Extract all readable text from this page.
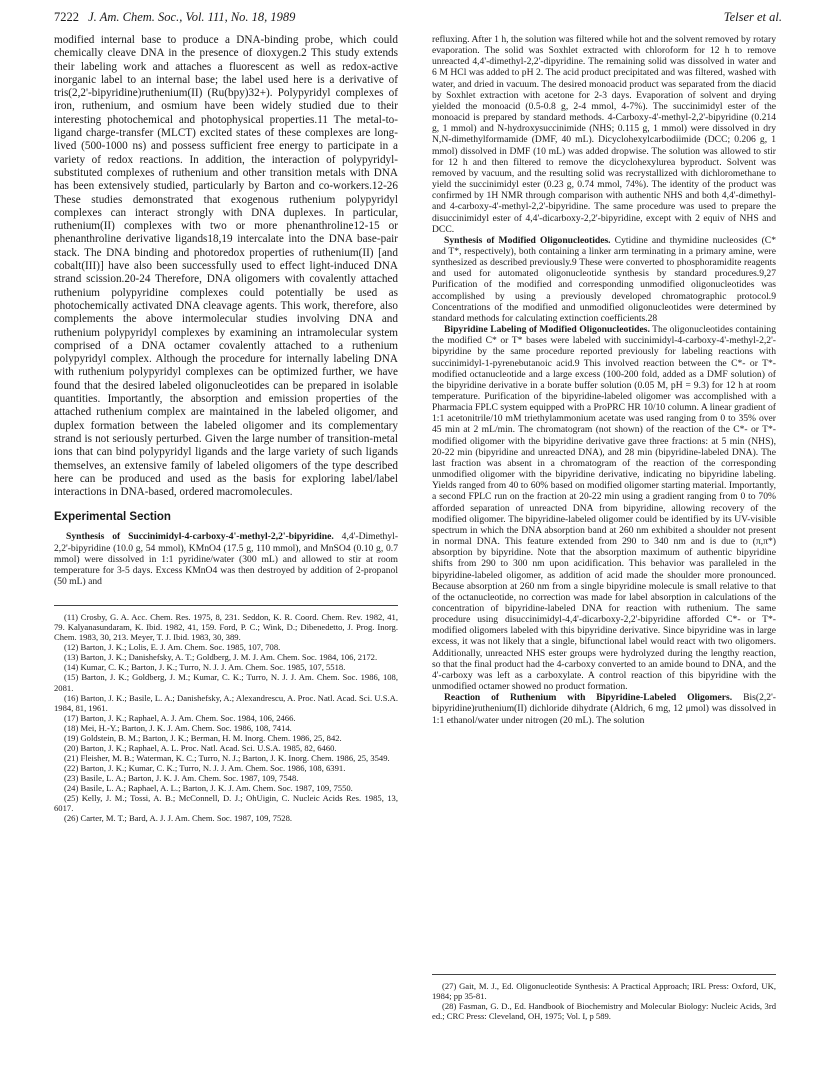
7222 J. Am. Chem. Soc., Vol. 111, No. 18, 1989	Telser et al.

modified internal base to produce a DNA-binding probe, which could chemically cleave DNA in the presence of dioxygen.2 This study extends their labeling work and attaches a fluorescent as well as redox-active inorganic label to an internal base; the label used here is a derivative of tris(2,2'-bipyridine)ruthenium(II) (Ru(bpy)32+). Polypyridyl complexes of iron, ruthenium, and osmium have been widely studied due to their interesting photochemical and photophysical properties.11 The metal-to-ligand charge-transfer (MLCT) excited states of these complexes are long-lived (500-1000 ns) and possess sufficient free energy to participate in a variety of redox reactions. In addition, the interaction of polypyridyl-substituted complexes of ruthenium and other transition metals with DNA has been extensively studied, particularly by Barton and co-workers.12-26 These studies demonstrated that exogenous ruthenium polypyridyl complexes can interact strongly with DNA duplexes. In particular, ruthenium(II) complexes with two or more phenanthroline12-15 or phenanthroline derivative ligands18,19 intercalate into the DNA base-pair stack. The DNA binding and photoredox properties of ruthenium(II) [and cobalt(III)] have also been successfully used to effect light-induced DNA strand scission.20-24 Therefore, DNA oligomers with covalently attached ruthenium polypyridine complexes could potentially be used as photochemically activated DNA cleavage agents. This work, therefore, also complements the above intermolecular studies involving DNA and ruthenium polypyridyl complexes by examining an intramolecular system comprised of a DNA octamer covalently attached to a ruthenium polypyridyl complex. Although the procedure for internally labeling DNA with ruthenium polypyridyl complexes can be optimized further, we have found that the desired labeled oligonucleotides can be prepared in isolable quantities. Importantly, the absorption and emission properties of the attached ruthenium complex are maintained in the labeled oligomer, and duplex formation between the labeled oligomer and its complementary strand is not seriously perturbed. Given the large number of transition-metal ions that can bind polypyridyl ligands and the large variety of such ligands themselves, an extensive family of labeled oligomers of the type described here can be produced and used as the basis for exploring label/label interactions in DNA-based, ordered macromolecules.

Experimental Section

Synthesis of Succinimidyl-4-carboxy-4'-methyl-2,2'-bipyridine. 4,4'-Dimethyl-2,2'-bipyridine (10.0 g, 54 mmol), KMnO4 (17.5 g, 110 mmol), and MnSO4 (0.10 g, 0.7 mmol) were dissolved in 1:1 pyridine/water (300 mL) and allowed to stir at room temperature for 3-5 days. Excess KMnO4 was then destroyed by addition of 2-propanol (50 mL) and

(11) Crosby, G. A. Acc. Chem. Res. 1975, 8, 231. Seddon, K. R. Coord. Chem. Rev. 1982, 41, 79. Kalyanasundaram, K. Ibid. 1982, 41, 159. Ford, P. C.; Wink, D.; Dibenedetto, J. Prog. Inorg. Chem. 1983, 30, 213. Meyer, T. J. Ibid. 1983, 30, 389.

(12) Barton, J. K.; Lolis, E. J. Am. Chem. Soc. 1985, 107, 708.

(13) Barton, J. K.; Danishefsky, A. T.; Goldberg, J. M. J. Am. Chem. Soc. 1984, 106, 2172.

(14) Kumar, C. K.; Barton, J. K.; Turro, N. J. J. Am. Chem. Soc. 1985, 107, 5518.

(15) Barton, J. K.; Goldberg, J. M.; Kumar, C. K.; Turro, N. J. J. Am. Chem. Soc. 1986, 108, 2081.

(16) Barton, J. K.; Basile, L. A.; Danishefsky, A.; Alexandrescu, A. Proc. Natl. Acad. Sci. U.S.A. 1984, 81, 1961.

(17) Barton, J. K.; Raphael, A. J. Am. Chem. Soc. 1984, 106, 2466.

(18) Mei, H.-Y.; Barton, J. K. J. Am. Chem. Soc. 1986, 108, 7414.

(19) Goldstein, B. M.; Barton, J. K.; Berman, H. M. Inorg. Chem. 1986, 25, 842.

(20) Barton, J. K.; Raphael, A. L. Proc. Natl. Acad. Sci. U.S.A. 1985, 82, 6460.

(21) Fleisher, M. B.; Waterman, K. C.; Turro, N. J.; Barton, J. K. Inorg. Chem. 1986, 25, 3549.

(22) Barton, J. K.; Kumar, C. K.; Turro, N. J. J. Am. Chem. Soc. 1986, 108, 6391.

(23) Basile, L. A.; Barton, J. K. J. Am. Chem. Soc. 1987, 109, 7548.

(24) Basile, L. A.; Raphael, A. L.; Barton, J. K. J. Am. Chem. Soc. 1987, 109, 7550.

(25) Kelly, J. M.; Tossi, A. B.; McConnell, D. J.; OhUigin, C. Nucleic Acids Res. 1985, 13, 6017.

(26) Carter, M. T.; Bard, A. J. J. Am. Chem. Soc. 1987, 109, 7528.

refluxing. After 1 h, the solution was filtered while hot and the solvent removed by rotary evaporation. The solid was Soxhlet extracted with chloroform for 12 h to remove unreacted 4,4'-dimethyl-2,2'-dipyridine. The remaining solid was dissolved in water and 6 M HCl was added to pH 2. The acid product precipitated and was filtered, washed with water, and dried in vacuum. The desired monoacid product was separated from the diacid by Soxhlet extraction with acetone for 2-3 days. Evaporation of solvent and drying yielded the monoacid (0.5-0.8 g, 2-4 mmol, 4-7%). The succinimidyl ester of the monoacid is prepared by standard methods. 4-Carboxy-4'-methyl-2,2'-bipyridine (0.214 g, 1 mmol) and N-hydroxysuccinimide (NHS; 0.115 g, 1 mmol) were dissolved in dry N,N-dimethylformamide (DMF, 40 mL). Dicyclohexylcarbodiimide (DCC; 0.206 g, 1 mmol) dissolved in DMF (10 mL) was added dropwise. The solution was allowed to stir for 12 h and then filtered to remove the dicyclohexylurea byproduct. Solvent was removed by vacuum, and the resulting solid was recrystallized with dichloromethane to yield the succinimidyl ester (0.23 g, 0.74 mmol, 74%). The identity of the product was confirmed by 1H NMR through comparison with authentic NHS and both 4,4'-dimethyl- and 4-carboxy-4'-methyl-2,2'-bipyridine. The same procedure was used to prepare the disuccinimidyl ester of 4,4'-dicarboxy-2,2'-bipyridine, except with 2 equiv of NHS and DCC.

Synthesis of Modified Oligonucleotides. Cytidine and thymidine nucleosides (C* and T*, respectively), both containing a linker arm terminating in a primary amine, were synthesized as described previously.9 These were converted to phosphoramidite reagents and used for automated oligonucleotide synthesis by standard procedures.9,27 Purification of the modified and corresponding unmodified oligonucleotides was accomplished by using a previously developed chromatographic protocol.9 Concentrations of the modified and unmodified oligonucleotides were determined by standard methods for calculating extinction coefficients.28

Bipyridine Labeling of Modified Oligonucleotides. The oligonucleotides containing the modified C* or T* bases were labeled with succinimidyl-4-carboxy-4'-methyl-2,2'-bipyridine by the same procedure reported previously for labeling reactions with succinimidyl-1-pyrenebutanoic acid.9 This involved reaction between the C*- or T*-modified octanucleotide and a large excess (100-200 fold, added as a DMF solution) of the bipyridine derivative in a borate buffer solution (0.05 M, pH = 9.3) for 12 h at room temperature. Purification of the bipyridine-labeled oligomer was accomplished with a Pharmacia FPLC system equipped with a ProPRC HR 10/10 column. A linear gradient of 1:1 acetonitrile/10 mM triethylammonium acetate was used ranging from 0 to 35% over 45 min at 2 mL/min. The chromatogram (not shown) of the reaction of the C*- or T*-modified oligomer with the bipyridine derivative gave three fractions: at 5 min (NHS), 20-22 min (bipyridine and unreacted DNA), and 28 min (bipyridine-labeled DNA). The last fraction was absent in a chromatogram of the reaction of the corresponding unmodified oligomer with the bipyridine derivative, indicating no bipyridine labeling. Yields ranged from 40 to 60% based on modified oligomer starting material. Importantly, a second FPLC run on the fraction at 20-22 min using a gradient ranging from 0 to 70% afforded separation of unreacted DNA from bipyridine, allowing recovery of the modified oligomer. The bipyridine-labeled oligomer could be identified by its UV-visible spectrum in which the DNA absorption band at 260 nm exhibited a shoulder not present in normal DNA. This feature extended from 290 to 340 nm and is due to (π,π*) absorption by bipyridine. Note that the absorption maximum of authentic bipyridine shifts from 290 to 300 nm upon acidification. This behavior was paralleled in the bipyridine-labeled oligomer, as addition of acid made the shoulder more pronounced. Because absorption at 260 nm from a single bipyridine molecule is small relative to that of the octanucleotide, no correction was made for label absorption in calculations of the concentration of bipyridine-labeled DNA for reaction with ruthenium. The same procedure using disuccinimidyl-4,4'-dicarboxy-2,2'-bipyridine afforded C*- or T*-modified oligomers labeled with this bipyridine derivative. Since bipyridine was in large excess, it was not likely that a single, bifunctional label would react with two oligomers. Additionally, unreacted NHS ester groups were hydrolyzed during the lengthy reaction, so that the final product had the 4-carboxy converted to an amide bound to DNA, and the 4'-carboxy was left as a carboxylate. A control reaction of this bipyridine with the unmodified octamer showed no product formation.

Reaction of Ruthenium with Bipyridine-Labeled Oligomers. Bis(2,2'-bipyridine)ruthenium(II) dichloride dihydrate (Aldrich, 6 mg, 12 μmol) was dissolved in 1:1 ethanol/water under nitrogen (20 mL). The solution

(27) Gait, M. J., Ed. Oligonucleotide Synthesis: A Practical Approach; IRL Press: Oxford, UK, 1984; pp 35-81.

(28) Fasman, G. D., Ed. Handbook of Biochemistry and Molecular Biology: Nucleic Acids, 3rd ed.; CRC Press: Cleveland, OH, 1975; Vol. I, p 589.
